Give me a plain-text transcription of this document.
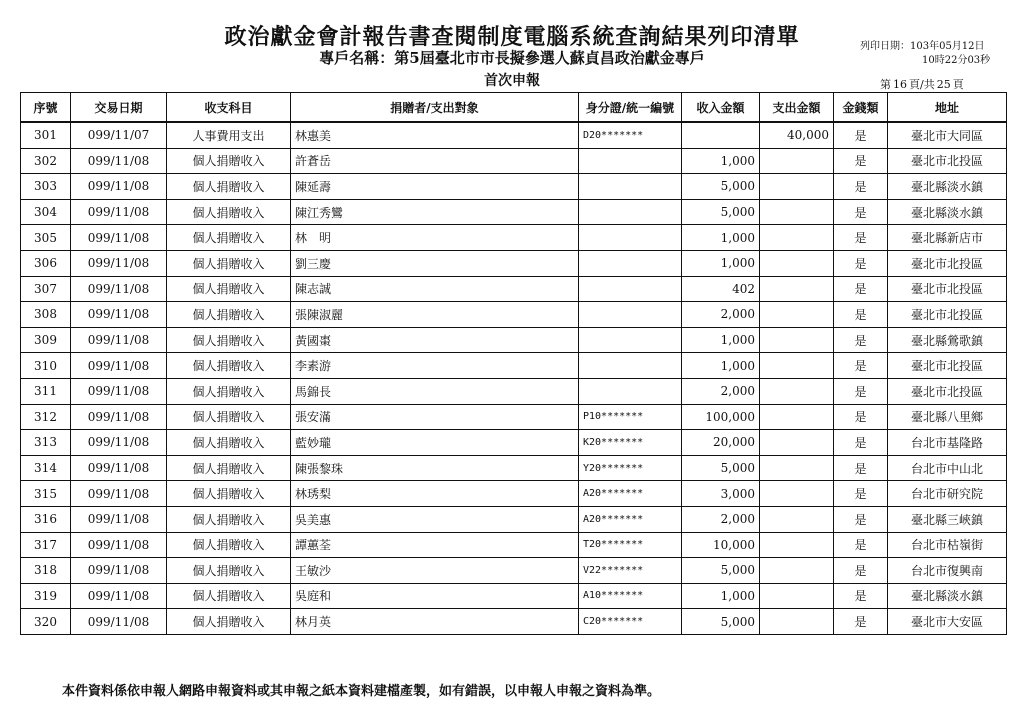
政治獻金會計報告書查閱制度電腦系統查詢結果列印清單
專戶名稱：第5屆臺北市市長擬參選人蘇貞昌政治獻金專戶
首次申報
列印日期：103年05月12日
10時22分03秒
第 16 頁/共 25 頁
序號	交易日期	收支科目	捐贈者/支出對象	身分證/統一編號	收入金額	支出金額	金錢類	地址
301	099/11/07	人事費用支出	林惠美	D20*******		40,000	是	臺北市大同區
302	099/11/08	個人捐贈收入	許蒼岳		1,000		是	臺北市北投區
303	099/11/08	個人捐贈收入	陳延壽		5,000		是	臺北縣淡水鎮
304	099/11/08	個人捐贈收入	陳江秀鸞		5,000		是	臺北縣淡水鎮
305	099/11/08	個人捐贈收入	林　明		1,000		是	臺北縣新店市
306	099/11/08	個人捐贈收入	劉三慶		1,000		是	臺北市北投區
307	099/11/08	個人捐贈收入	陳志誠		402		是	臺北市北投區
308	099/11/08	個人捐贈收入	張陳淑麗		2,000		是	臺北市北投區
309	099/11/08	個人捐贈收入	黃國棗		1,000		是	臺北縣鶯歌鎮
310	099/11/08	個人捐贈收入	李素游		1,000		是	臺北市北投區
311	099/11/08	個人捐贈收入	馬錦長		2,000		是	臺北市北投區
312	099/11/08	個人捐贈收入	張安滿	P10*******	100,000		是	臺北縣八里鄉
313	099/11/08	個人捐贈收入	藍妙瓏	K20*******	20,000		是	台北市基隆路
314	099/11/08	個人捐贈收入	陳張黎珠	Y20*******	5,000		是	台北市中山北
315	099/11/08	個人捐贈收入	林琇梨	A20*******	3,000		是	台北市研究院
316	099/11/08	個人捐贈收入	吳美惠	A20*******	2,000		是	臺北縣三峽鎮
317	099/11/08	個人捐贈收入	譚蕙荃	T20*******	10,000		是	台北市枯嶺街
318	099/11/08	個人捐贈收入	王敏沙	V22*******	5,000		是	台北市復興南
319	099/11/08	個人捐贈收入	吳庭和	A10*******	1,000		是	臺北縣淡水鎮
320	099/11/08	個人捐贈收入	林月英	C20*******	5,000		是	臺北市大安區
本件資料係依申報人網路申報資料或其申報之紙本資料建檔產製，如有錯誤，以申報人申報之資料為準。
